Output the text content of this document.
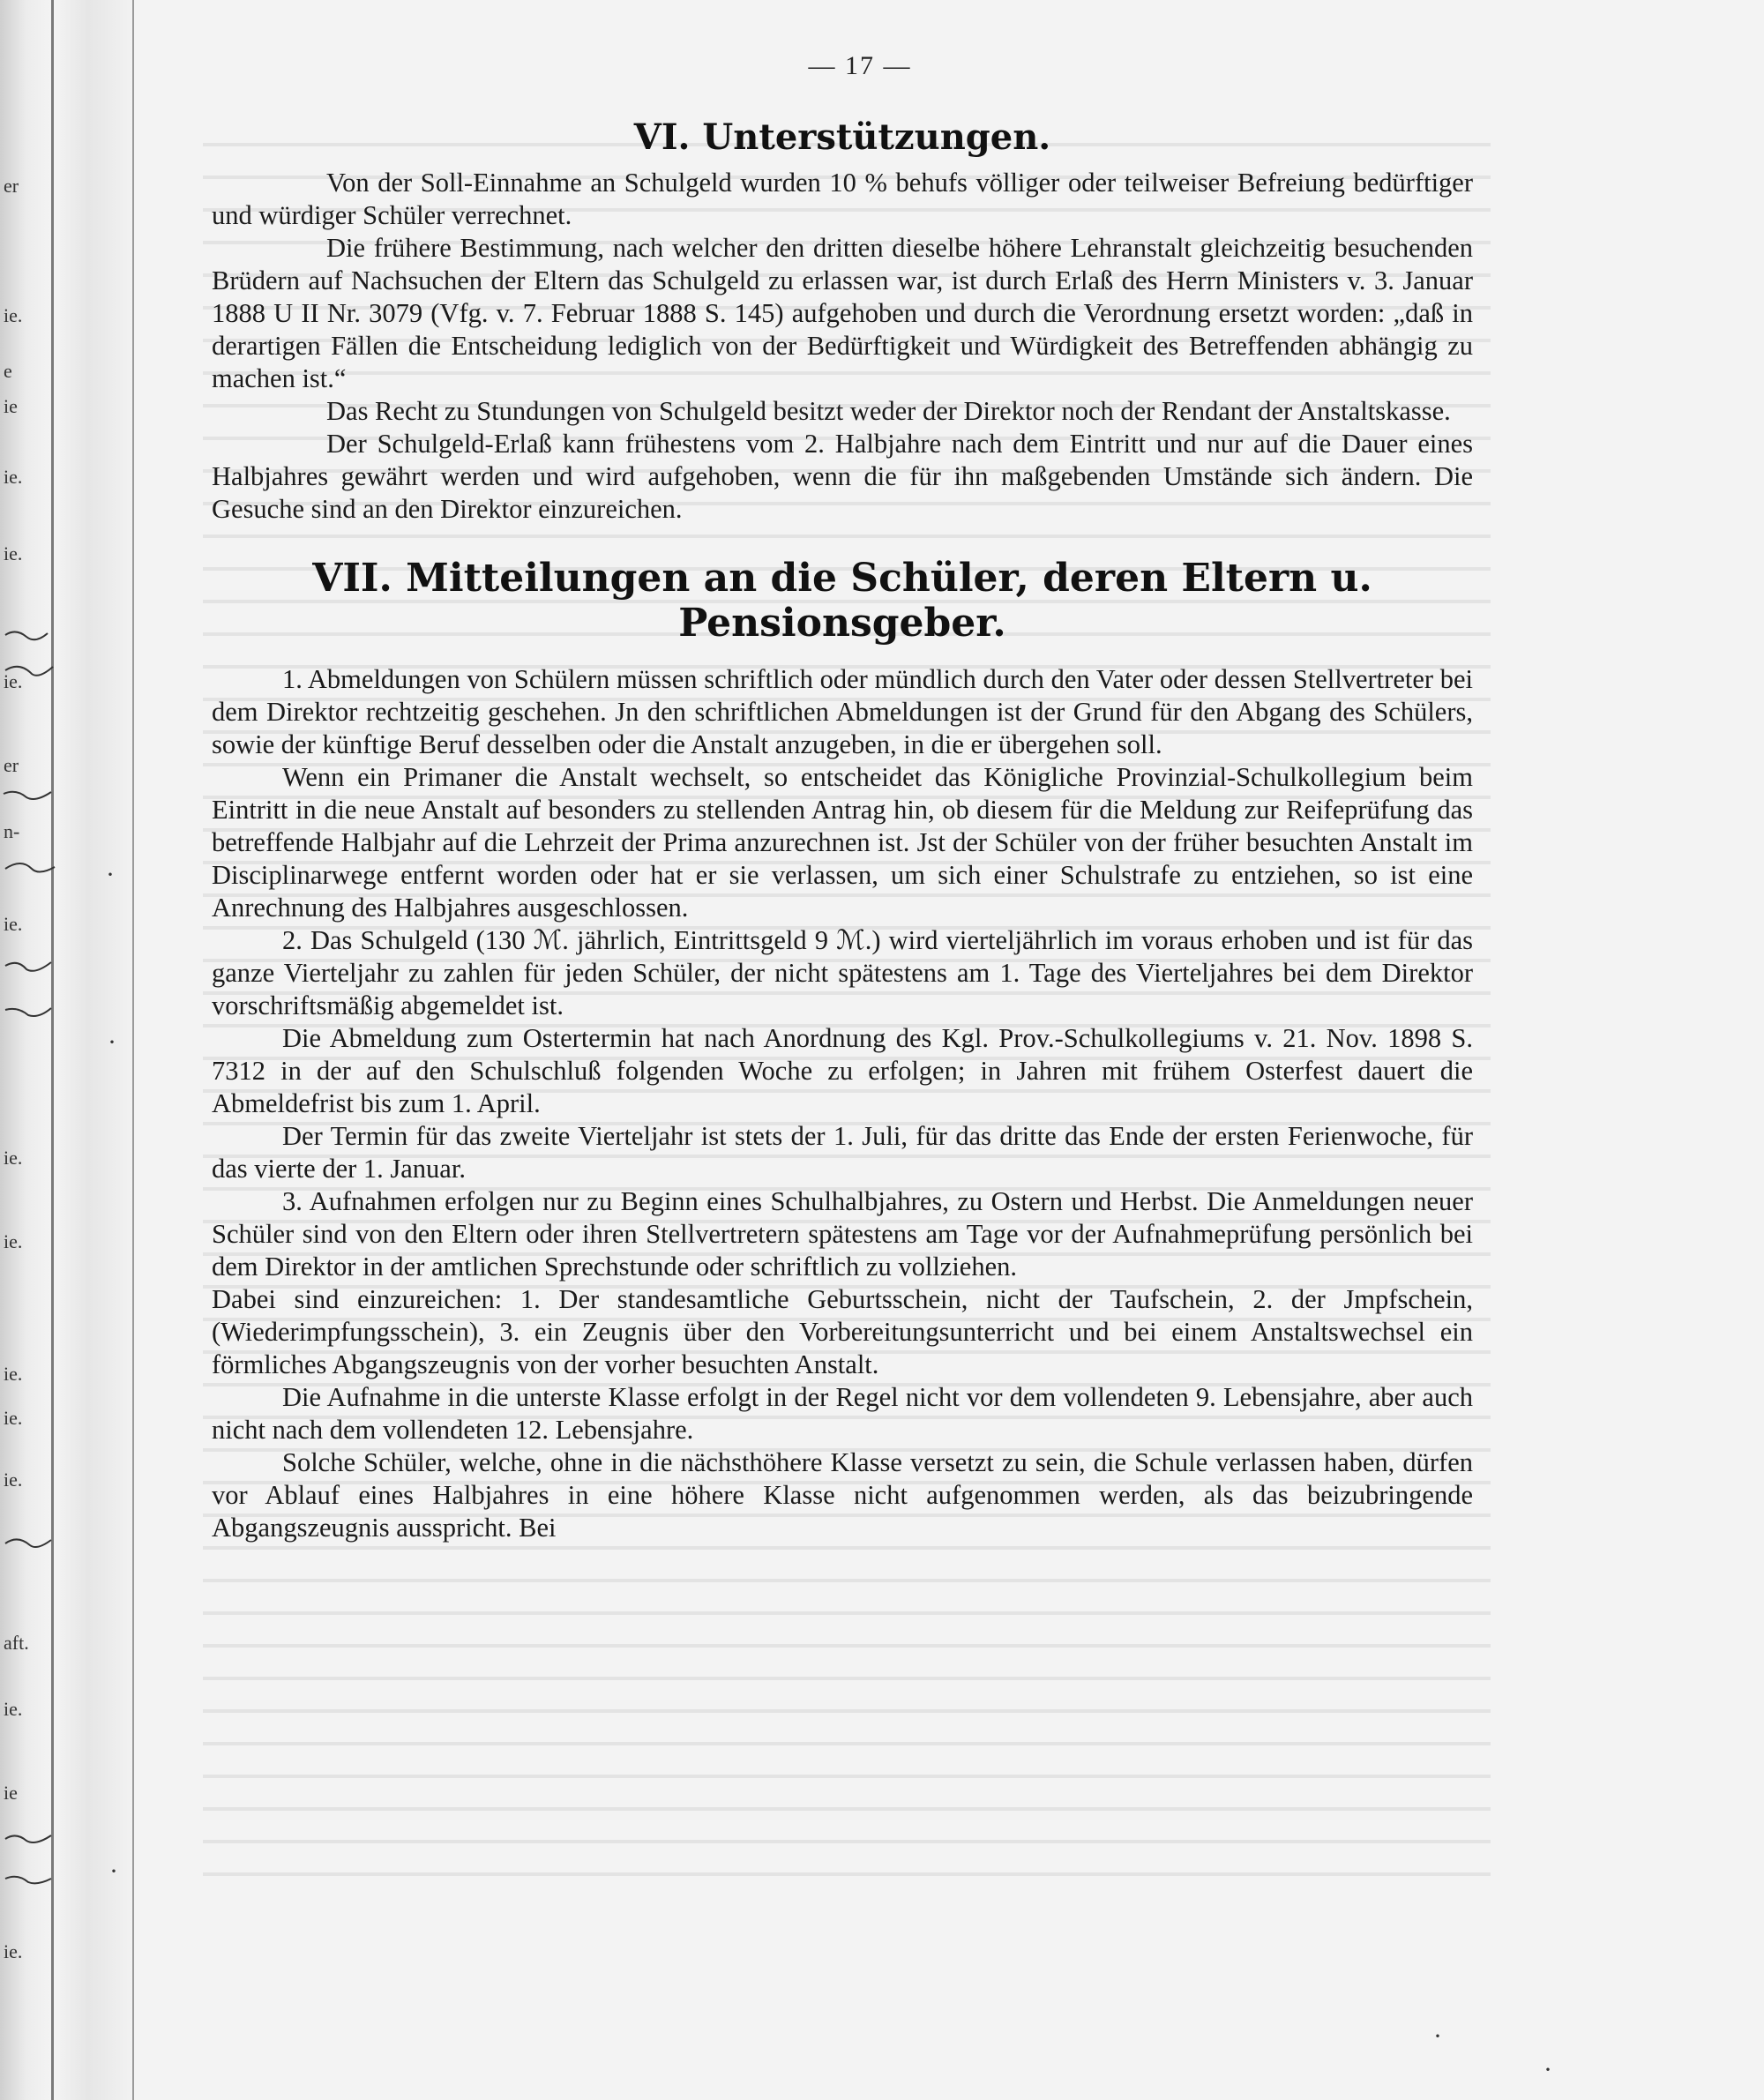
er
ie.
e
ie
ie.
ie.
ie.
er
n-
ie.
ie.
ie.
ie.
ie.
ie.
aft.
ie.
ie
ie.
·
·
·
·
·
— 17 —
VI. Unterstützungen.

Von der Soll-Einnahme an Schulgeld wurden 10 % behufs völliger oder teilweiser Befreiung bedürftiger und würdiger Schüler verrechnet.

Die frühere Bestimmung, nach welcher den dritten dieselbe höhere Lehranstalt gleichzeitig besuchenden Brüdern auf Nachsuchen der Eltern das Schulgeld zu erlassen war, ist durch Erlaß des Herrn Ministers v. 3. Januar 1888 U II Nr. 3079 (Vfg. v. 7. Februar 1888 S. 145) aufgehoben und durch die Verordnung ersetzt worden: „daß in derartigen Fällen die Entscheidung lediglich von der Bedürftigkeit und Würdigkeit des Betreffenden abhängig zu machen ist.“

Das Recht zu Stundungen von Schulgeld besitzt weder der Direktor noch der Rendant der Anstaltskasse.

Der Schulgeld-Erlaß kann frühestens vom 2. Halbjahre nach dem Eintritt und nur auf die Dauer eines Halbjahres gewährt werden und wird aufgehoben, wenn die für ihn maßgebenden Umstände sich ändern. Die Gesuche sind an den Direktor einzureichen.

VII. Mitteilungen an die Schüler, deren Eltern u. Pensionsgeber.

1. Abmeldungen von Schülern müssen schriftlich oder mündlich durch den Vater oder dessen Stellvertreter bei dem Direktor rechtzeitig geschehen. Jn den schriftlichen Abmeldungen ist der Grund für den Abgang des Schülers, sowie der künftige Beruf desselben oder die Anstalt anzugeben, in die er übergehen soll.

Wenn ein Primaner die Anstalt wechselt, so entscheidet das Königliche Provinzial-Schulkollegium beim Eintritt in die neue Anstalt auf besonders zu stellenden Antrag hin, ob diesem für die Meldung zur Reifeprüfung das betreffende Halbjahr auf die Lehrzeit der Prima anzurechnen ist. Jst der Schüler von der früher besuchten Anstalt im Disciplinarwege entfernt worden oder hat er sie verlassen, um sich einer Schulstrafe zu entziehen, so ist eine Anrechnung des Halbjahres ausgeschlossen.

2. Das Schulgeld (130 ℳ. jährlich, Eintrittsgeld 9 ℳ.) wird vierteljährlich im voraus erhoben und ist für das ganze Vierteljahr zu zahlen für jeden Schüler, der nicht spätestens am 1. Tage des Vierteljahres bei dem Direktor vorschriftsmäßig abgemeldet ist.

Die Abmeldung zum Ostertermin hat nach Anordnung des Kgl. Prov.-Schulkollegiums v. 21. Nov. 1898 S. 7312 in der auf den Schulschluß folgenden Woche zu erfolgen; in Jahren mit frühem Osterfest dauert die Abmeldefrist bis zum 1. April.

Der Termin für das zweite Vierteljahr ist stets der 1. Juli, für das dritte das Ende der ersten Ferienwoche, für das vierte der 1. Januar.

3. Aufnahmen erfolgen nur zu Beginn eines Schulhalbjahres, zu Ostern und Herbst. Die Anmeldungen neuer Schüler sind von den Eltern oder ihren Stellvertretern spätestens am Tage vor der Aufnahmeprüfung persönlich bei dem Direktor in der amtlichen Sprechstunde oder schriftlich zu vollziehen.

Dabei sind einzureichen: 1. Der standesamtliche Geburtsschein, nicht der Taufschein, 2. der Jmpfschein, (Wiederimpfungsschein), 3. ein Zeugnis über den Vorbereitungsunterricht und bei einem Anstaltswechsel ein förmliches Abgangszeugnis von der vorher besuchten Anstalt.

Die Aufnahme in die unterste Klasse erfolgt in der Regel nicht vor dem vollendeten 9. Lebensjahre, aber auch nicht nach dem vollendeten 12. Lebensjahre.

Solche Schüler, welche, ohne in die nächsthöhere Klasse versetzt zu sein, die Schule verlassen haben, dürfen vor Ablauf eines Halbjahres in eine höhere Klasse nicht aufgenommen werden, als das beizubringende Abgangszeugnis ausspricht. Bei
